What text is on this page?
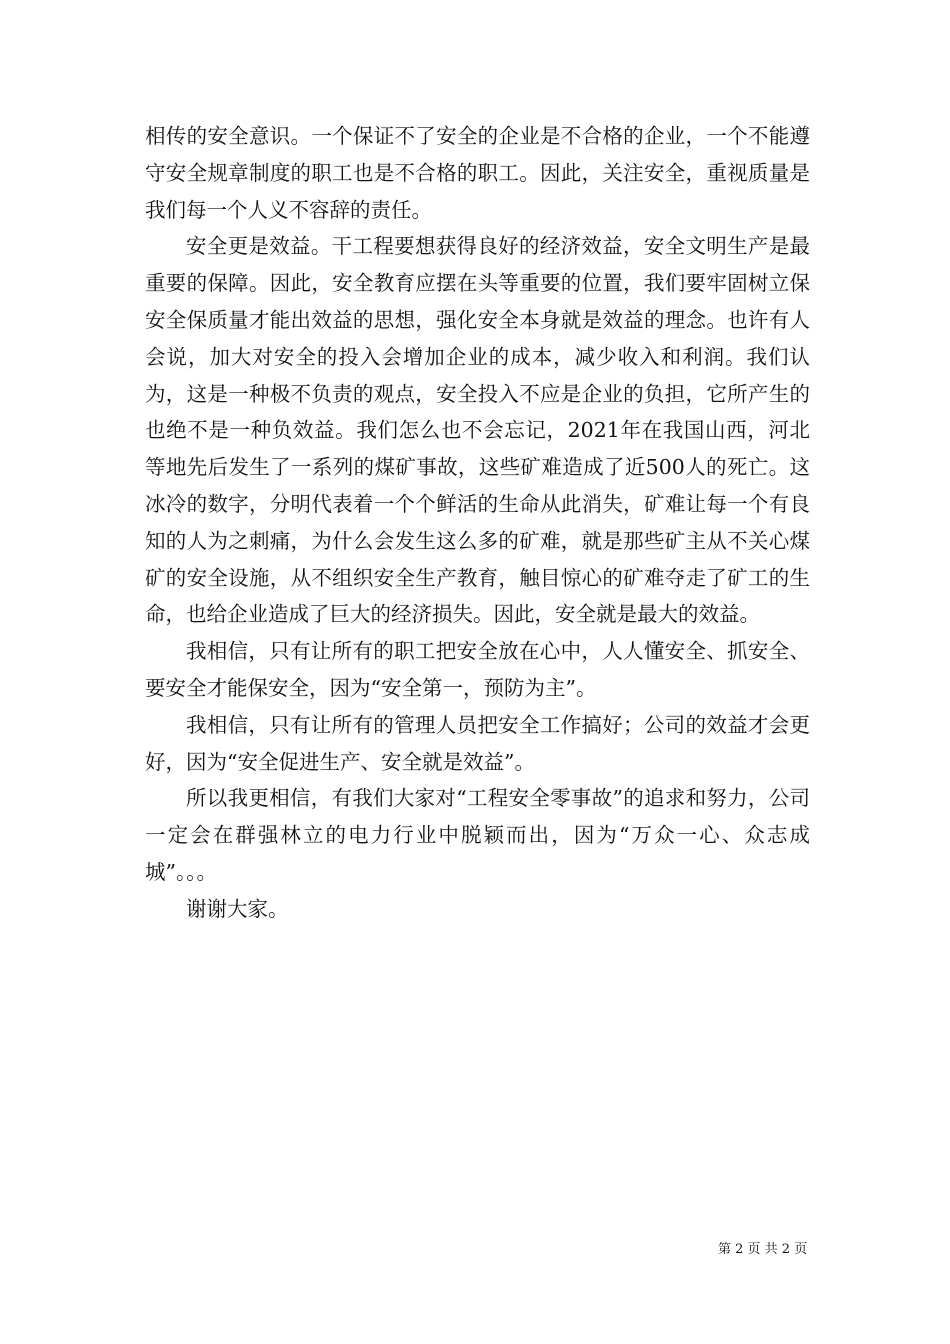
相传的安全意识。一个保证不了安全的企业是不合格的企业，一个不能遵守安全规章制度的职工也是不合格的职工。因此，关注安全，重视质量是我们每一个人义不容辞的责任。

安全更是效益。干工程要想获得良好的经济效益，安全文明生产是最重要的保障。因此，安全教育应摆在头等重要的位置，我们要牢固树立保安全保质量才能出效益的思想，强化安全本身就是效益的理念。也许有人会说，加大对安全的投入会增加企业的成本，减少收入和利润。我们认为，这是一种极不负责的观点，安全投入不应是企业的负担，它所产生的也绝不是一种负效益。我们怎么也不会忘记，2021年在我国山西，河北等地先后发生了一系列的煤矿事故，这些矿难造成了近500人的死亡。这冰冷的数字，分明代表着一个个鲜活的生命从此消失，矿难让每一个有良知的人为之刺痛，为什么会发生这么多的矿难，就是那些矿主从不关心煤矿的安全设施，从不组织安全生产教育，触目惊心的矿难夺走了矿工的生命，也给企业造成了巨大的经济损失。因此，安全就是最大的效益。

我相信，只有让所有的职工把安全放在心中，人人懂安全、抓安全、要安全才能保安全，因为“安全第一，预防为主”。

我相信，只有让所有的管理人员把安全工作搞好；公司的效益才会更好，因为“安全促进生产、安全就是效益”。

所以我更相信，有我们大家对“工程安全零事故”的追求和努力，公司一定会在群强林立的电力行业中脱颖而出，因为“万众一心、众志成城”。。。

谢谢大家。

第 2 页 共 2 页
